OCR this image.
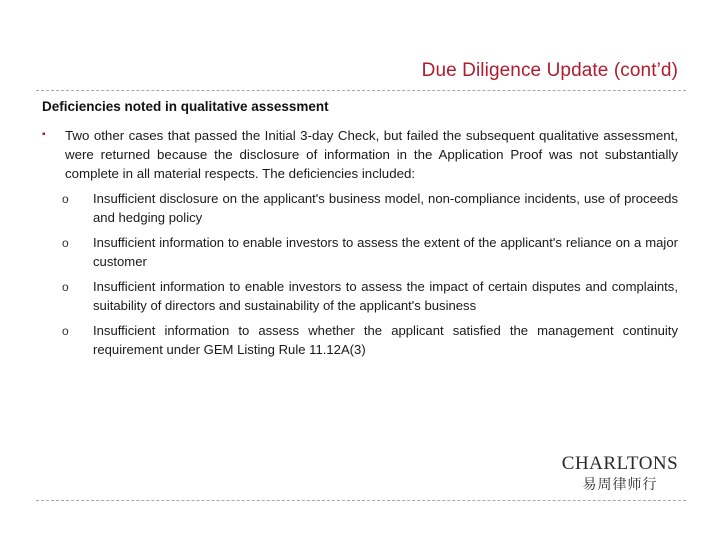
Due Diligence Update (cont’d)
Deficiencies noted in qualitative assessment
▪	Two other cases that passed the Initial 3-day Check, but failed the subsequent qualitative assessment, were returned because the disclosure of information in the Application Proof was not substantially complete in all material respects. The deficiencies included:
o Insufficient disclosure on the applicant's business model, non-compliance incidents, use of proceeds and hedging policy
o Insufficient information to enable investors to assess the extent of the applicant's reliance on a major customer
o Insufficient information to enable investors to assess the impact of certain disputes and complaints, suitability of directors and sustainability of the applicant's business
o Insufficient information to assess whether the applicant satisfied the management continuity requirement under GEM Listing Rule 11.12A(3)
CHARLTONS
易周律师行
